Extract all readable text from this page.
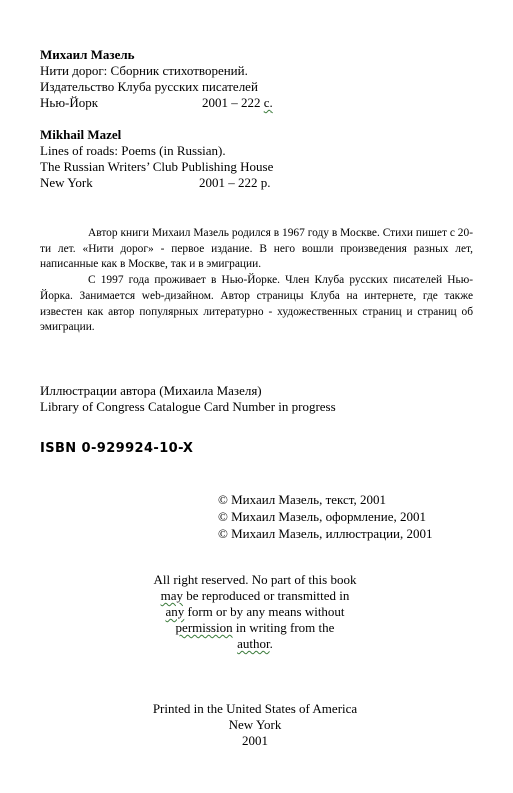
Михаил Мазель
Нити дорог: Сборник стихотворений.
Издательство Клуба русских писателей
Нью-Йорк	2001 – 222 с.
Mikhail Mazel
Lines of roads: Poems (in Russian).
The Russian Writers’ Club Publishing House
New York	2001 – 222 p.

Автор книги Михаил Мазель родился в 1967 году в Москве. Стихи пишет с 20-ти лет. «Нити дорог» - первое издание. В него вошли произведения разных лет, написанные как в Москве, так и в эмиграции.

С 1997 года проживает в Нью-Йорке. Член Клуба русских писателей Нью-Йорка. Занимается web-дизайном. Автор страницы Клуба на интернете, где также известен как автор популярных литературно - художественных страниц и страниц об эмиграции.

Иллюстрации автора (Михаила Мазеля)
Library of Congress Catalogue Card Number in progress
ISBN 0-929924-10-X
© Михаил Мазель, текст, 2001
© Михаил Мазель, оформление, 2001
© Михаил Мазель, иллюстрации, 2001
All right reserved. No part of this book
may be reproduced or transmitted in
any form or by any means without
permission in writing from the
author.
Printed in the United States of America
New York
2001
